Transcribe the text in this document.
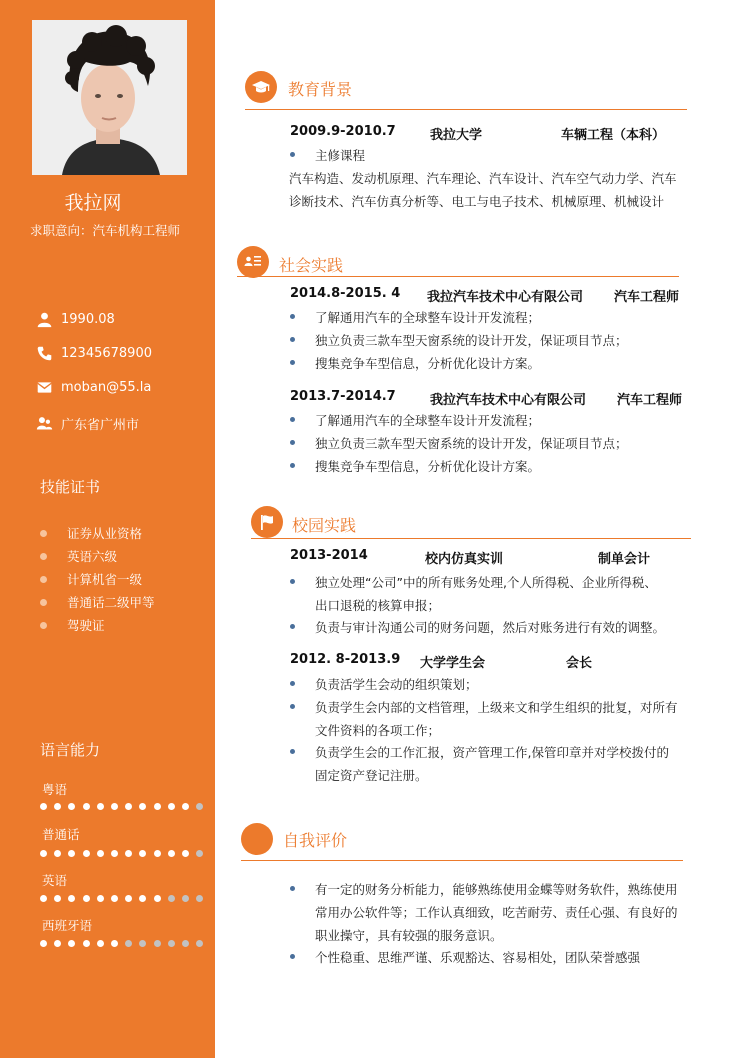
我拉网
求职意向：汽车机构工程师
1990.08
12345678900
moban@55.la
广东省广州市
技能证书
证券从业资格
英语六级
计算机省一级
普通话二级甲等
驾驶证
语言能力
粤语
普通话
英语
西班牙语
教育背景
2009.9-2010.7	我拉大学	车辆工程（本科）
主修课程
汽车构造、发动机原理、汽车理论、汽车设计、汽车空气动力学、汽车
诊断技术、汽车仿真分析等、电工与电子技术、机械原理、机械设计
社会实践
2014.8-2015. 4 我拉汽车技术中心有限公司 汽车工程师
了解通用汽车的全球整车设计开发流程；
独立负责三款车型天窗系统的设计开发，保证项目节点；
搜集竞争车型信息，分析优化设计方案。
2013.7-2014.7	我拉汽车技术中心有限公司 汽车工程师
了解通用汽车的全球整车设计开发流程；
独立负责三款车型天窗系统的设计开发，保证项目节点；
搜集竞争车型信息，分析优化设计方案。
校园实践
2013-2014	校内仿真实训	制单会计
独立处理“公司”中的所有账务处理,个人所得税、企业所得税、
出口退税的核算申报；
负责与审计沟通公司的财务问题，然后对账务进行有效的调整。
2012. 8-2013.9 大学学生会	会长
负责活学生会动的组织策划；
负责学生会内部的文档管理，上级来文和学生组织的批复，对所有
文件资料的各项工作；
负责学生会的工作汇报，资产管理工作,保管印章并对学校拨付的
固定资产登记注册。
自我评价
有一定的财务分析能力，能够熟练使用金蝶等财务软件，熟练使用
常用办公软件等；工作认真细致，吃苦耐劳、责任心强、有良好的
职业操守，具有较强的服务意识。
个性稳重、思维严谨、乐观豁达、容易相处，团队荣誉感强
